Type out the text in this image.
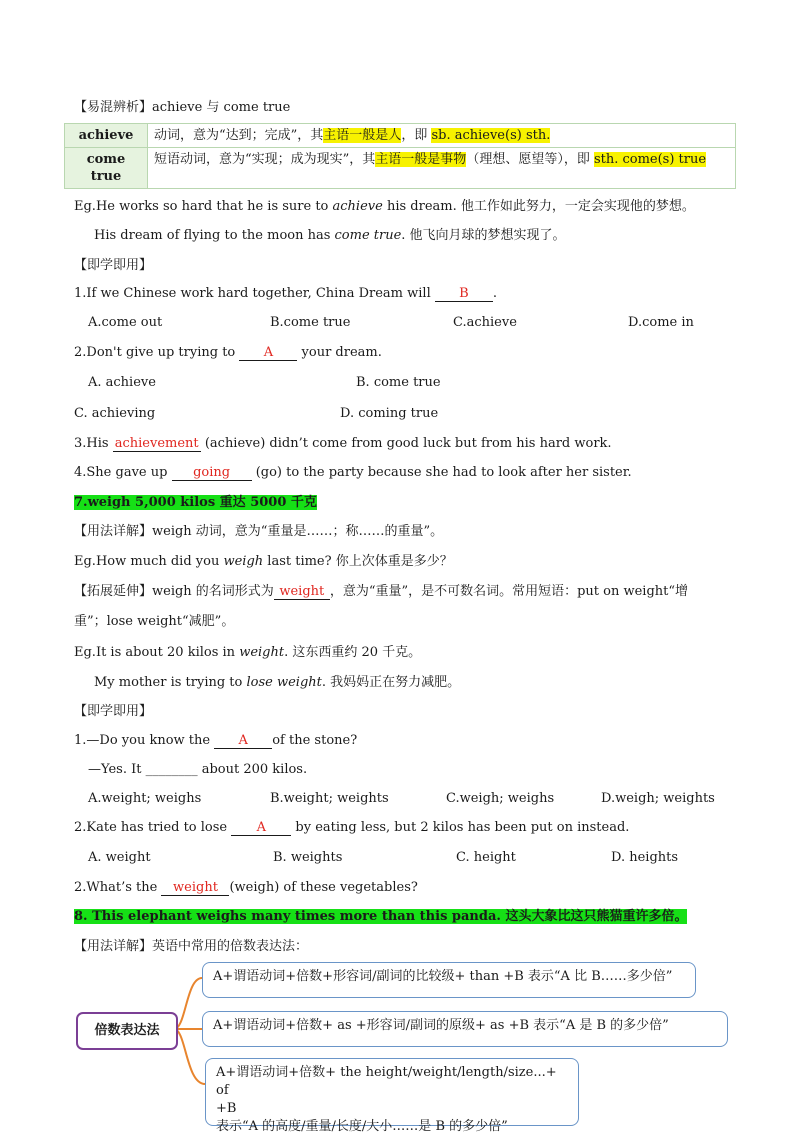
【易混辨析】achieve 与 come true
achieve	动词，意为“达到；完成”，其主语一般是人，即 sb. achieve(s) sth.
come true	短语动词，意为“实现；成为现实”，其主语一般是事物（理想、愿望等），即 sth. come(s) true
Eg.He works so hard that he is sure to achieve his dream. 他工作如此努力，一定会实现他的梦想。
His dream of flying to the moon has come true. 他飞向月球的梦想实现了。
【即学即用】
1.If we Chinese work hard together, China Dream will B .
A.come out	B.come true	C.achieve	D.come in
2.Don't give up trying to A your dream.
A. achieve	B. come true
C. achieving	D. coming true
3.His achievement (achieve) didn’t come from good luck but from his hard work.
4.She gave up going (go) to the party because she had to look after her sister.
7.weigh 5,000 kilos 重达 5000 千克
【用法详解】weigh 动词，意为“重量是……；称……的重量”。
Eg.How much did you weigh last time? 你上次体重是多少？
【拓展延伸】weigh 的名词形式为 weight ，意为“重量”，是不可数名词。常用短语：put on weight“增
重”；lose weight“减肥”。
Eg.It is about 20 kilos in weight. 这东西重约 20 千克。
My mother is trying to lose weight. 我妈妈正在努力减肥。
【即学即用】
1.—Do you know the A of the stone?
—Yes. It ________ about 200 kilos.
A.weight; weighs	B.weight; weights	C.weigh; weighs	D.weigh; weights
2.Kate has tried to lose A by eating less, but 2 kilos has been put on instead.
A. weight	B. weights	C. height	D. heights
2.What’s the weight (weigh) of these vegetables?
8. This elephant weighs many times more than this panda. 这头大象比这只熊猫重许多倍。
【用法详解】英语中常用的倍数表达法：
倍数表达法
A+谓语动词+倍数+形容词/副词的比较级+ than +B 表示“A 比 B……多少倍”
A+谓语动词+倍数+ as +形容词/副词的原级+ as +B 表示“A 是 B 的多少倍”
A+谓语动词+倍数+ the height/weight/length/size...+ of
+B
表示“A 的高度/重量/长度/大小……是 B 的多少倍”
